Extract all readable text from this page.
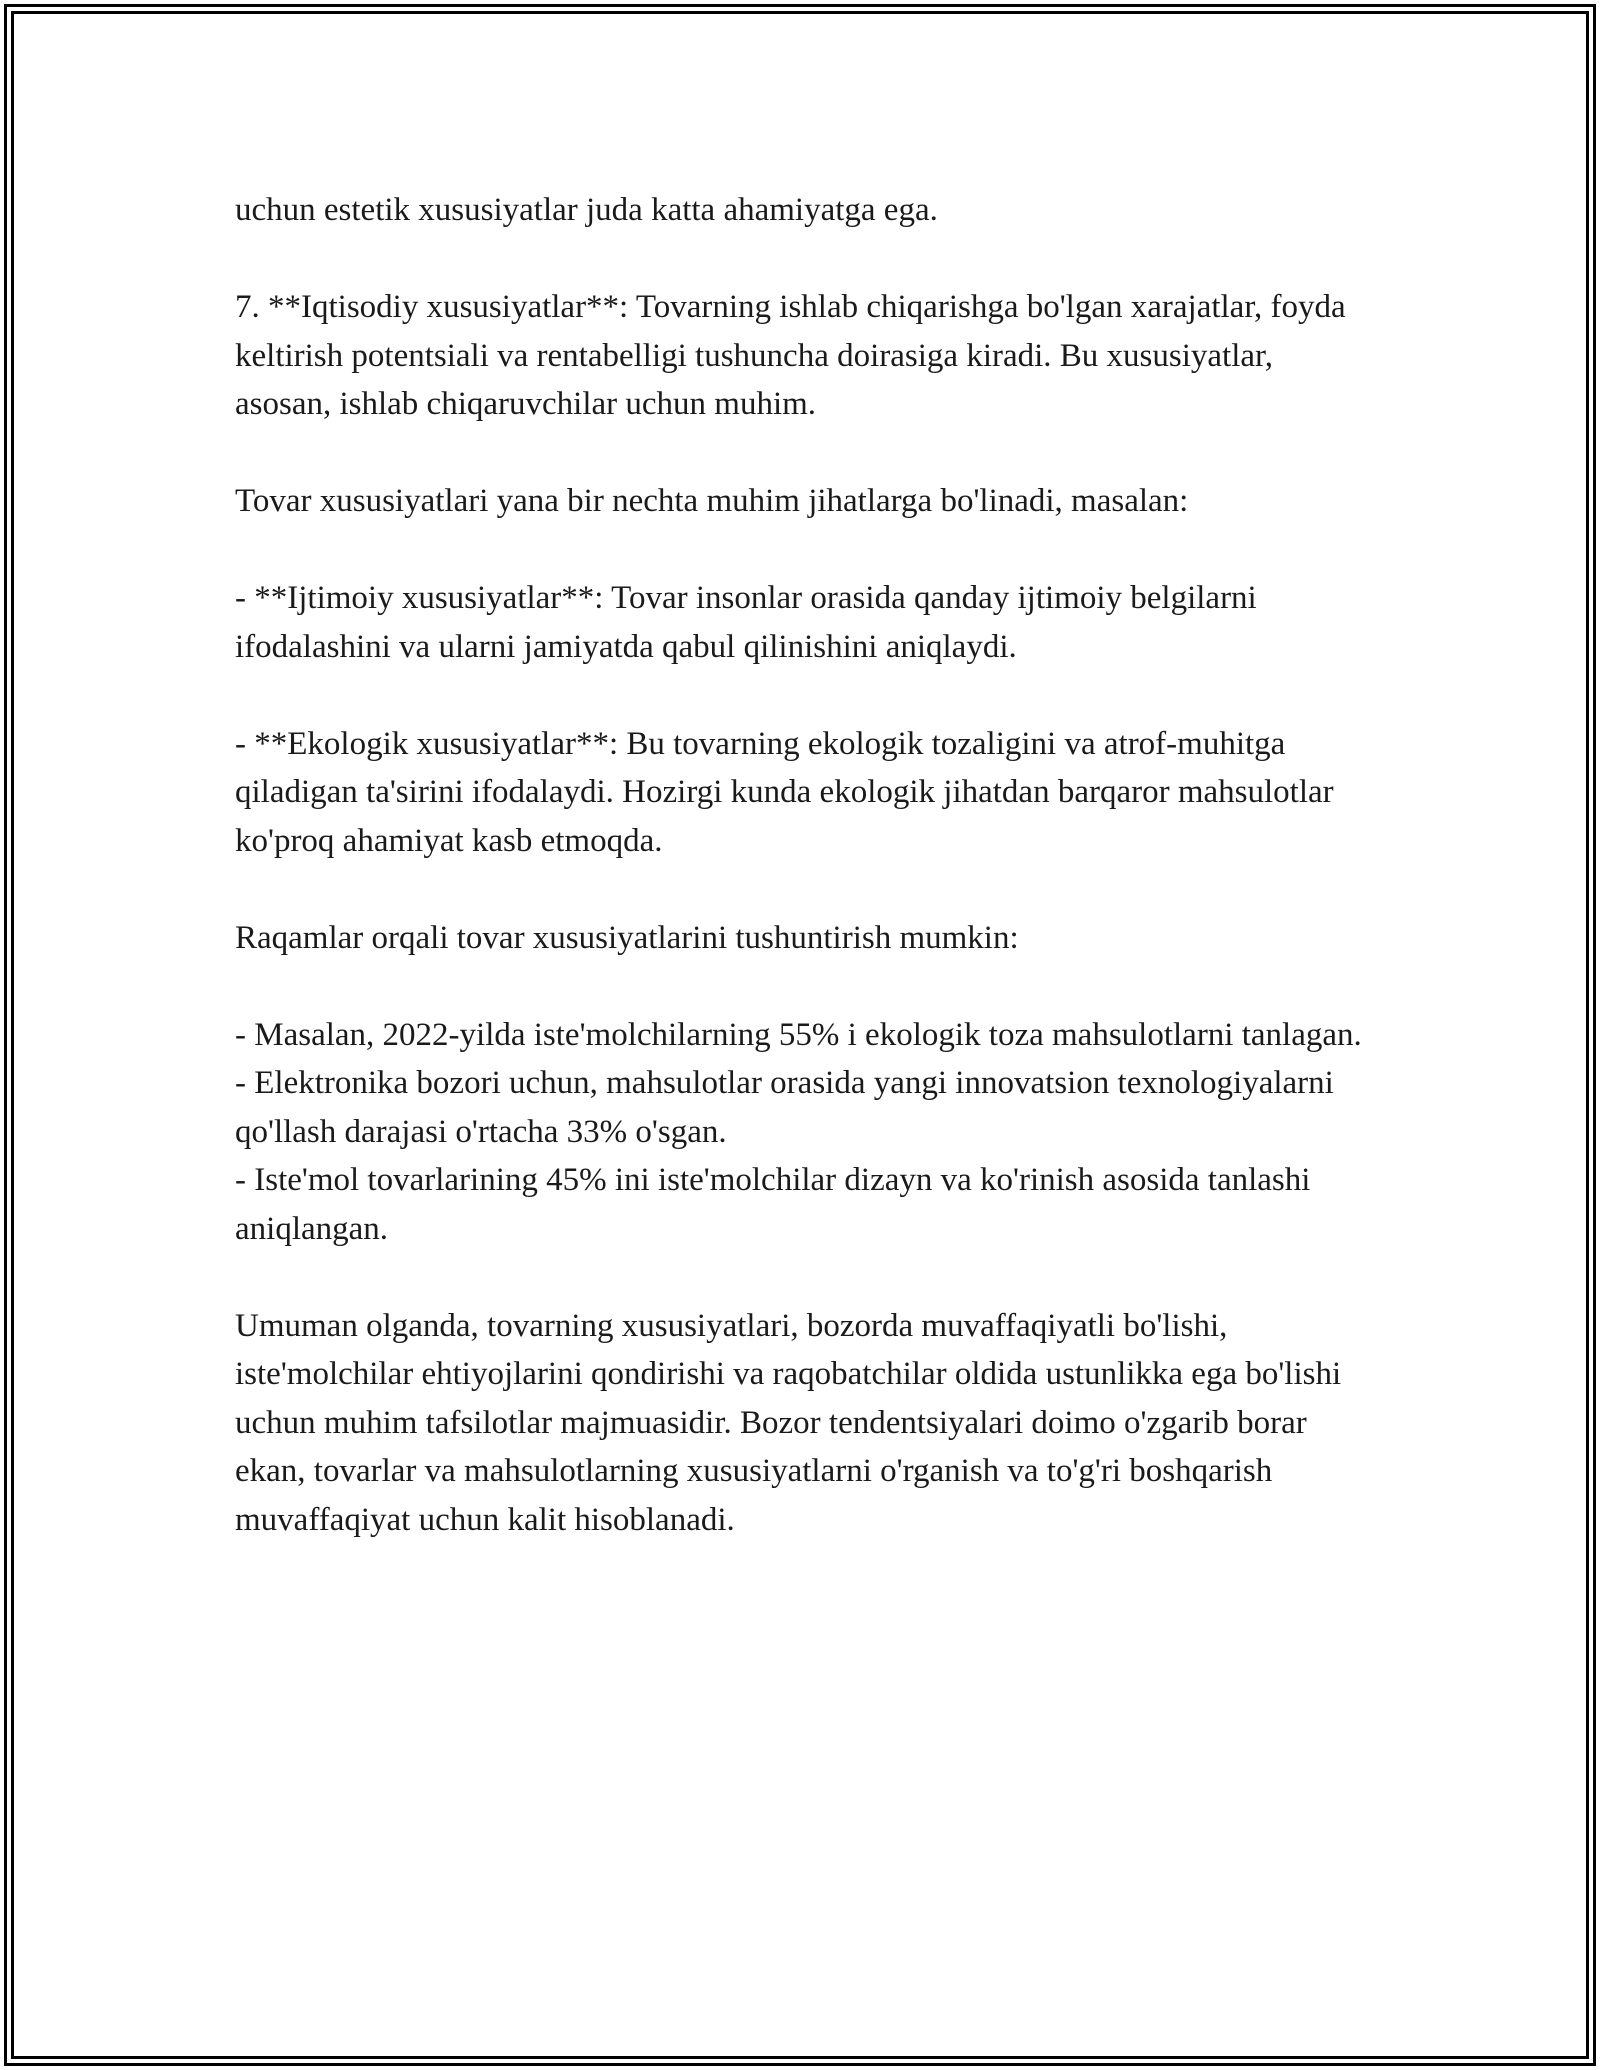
uchun estetik xususiyatlar juda katta ahamiyatga ega.

7. **Iqtisodiy xususiyatlar**: Tovarning ishlab chiqarishga bo'lgan xarajatlar, foyda keltirish potentsiali va rentabelligi tushuncha doirasiga kiradi. Bu xususiyatlar, asosan, ishlab chiqaruvchilar uchun muhim.

Tovar xususiyatlari yana bir nechta muhim jihatlarga bo'linadi, masalan:

- **Ijtimoiy xususiyatlar**: Tovar insonlar orasida qanday ijtimoiy belgilarni ifodalashini va ularni jamiyatda qabul qilinishini aniqlaydi.

- **Ekologik xususiyatlar**: Bu tovarning ekologik tozaligini va atrof-muhitga qiladigan ta'sirini ifodalaydi. Hozirgi kunda ekologik jihatdan barqaror mahsulotlar ko'proq ahamiyat kasb etmoqda.

Raqamlar orqali tovar xususiyatlarini tushuntirish mumkin:

- Masalan, 2022-yilda iste'molchilarning 55% i ekologik toza mahsulotlarni tanlagan.

- Elektronika bozori uchun, mahsulotlar orasida yangi innovatsion texnologiyalarni qo'llash darajasi o'rtacha 33% o'sgan.

- Iste'mol tovarlarining 45% ini iste'molchilar dizayn va ko'rinish asosida tanlashi aniqlangan.

Umuman olganda, tovarning xususiyatlari, bozorda muvaffaqiyatli bo'lishi, iste'molchilar ehtiyojlarini qondirishi va raqobatchilar oldida ustunlikka ega bo'lishi uchun muhim tafsilotlar majmuasidir. Bozor tendentsiyalari doimo o'zgarib borar ekan, tovarlar va mahsulotlarning xususiyatlarni o'rganish va to'g'ri boshqarish muvaffaqiyat uchun kalit hisoblanadi.
